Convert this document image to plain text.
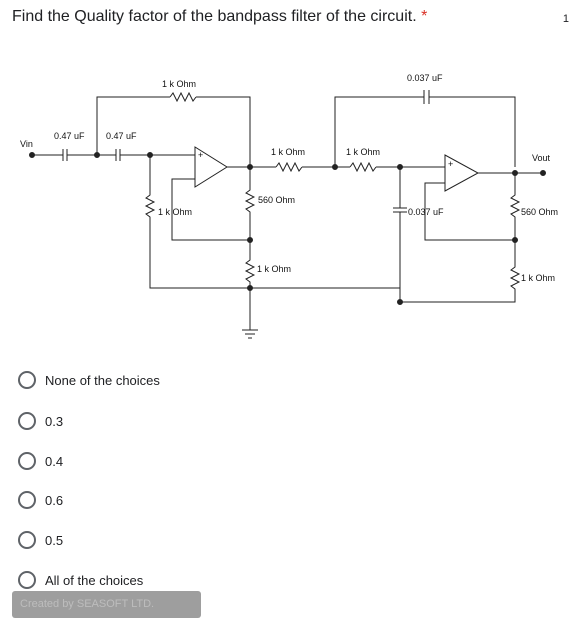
Find the Quality factor of the bandpass filter of the circuit. *	1
Vin
0.47 uF 0.47 uF
1 k Ohm
1 k Ohm
1 k Ohm
560 Ohm
1 k Ohm
1 k Ohm
0.037 uF
0.037 uF
Vout
560 Ohm
1 k Ohm
+
+
None of the choices
0.3
0.4
0.6
0.5
All of the choices
Created by SEASOFT LTD.
